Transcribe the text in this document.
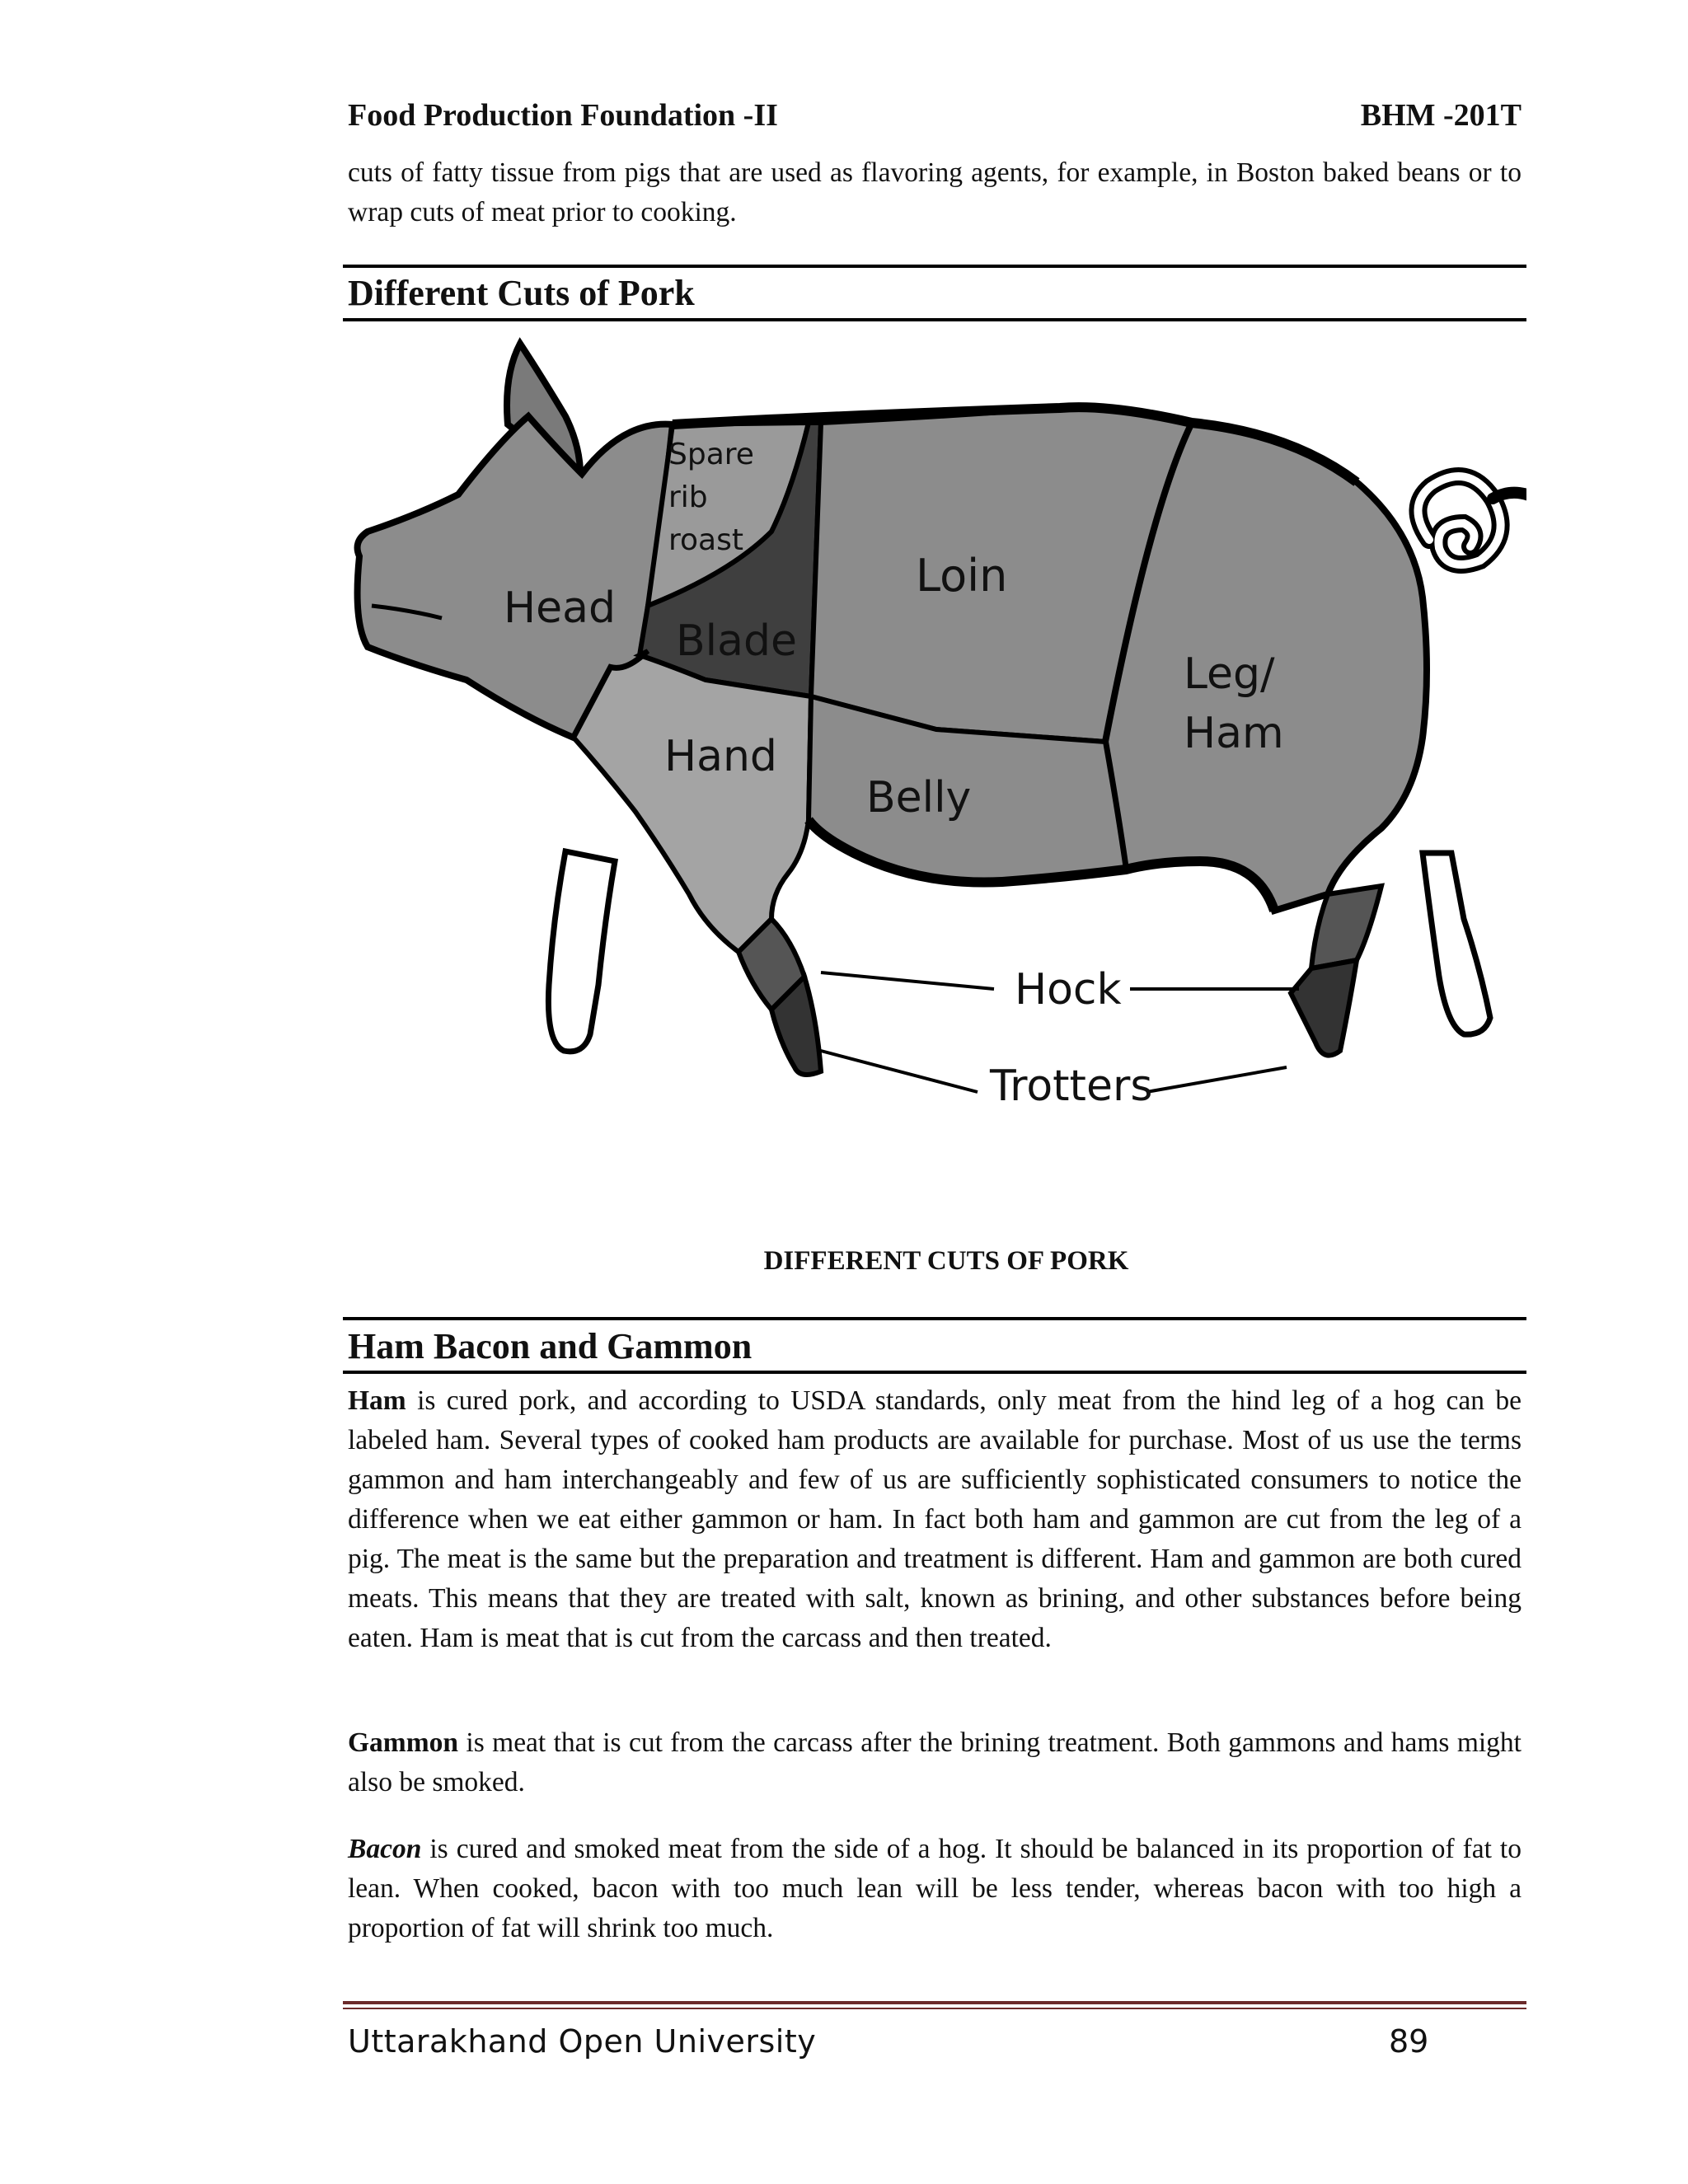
Food Production Foundation -II	BHM -201T

cuts of fatty tissue from pigs that are used as flavoring agents, for example, in Boston baked beans or to wrap cuts of meat prior to cooking.

Different Cuts of Pork
Head
Spare
rib
roast
Blade
Loin
Leg/
Ham
Hand
Belly
Hock
Trotters
DIFFERENT CUTS OF PORK
Ham Bacon and Gammon

Ham is cured pork, and according to USDA standards, only meat from the hind leg of a hog can be labeled ham. Several types of cooked ham products are available for purchase. Most of us use the terms gammon and ham interchangeably and few of us are sufficiently sophisticated consumers to notice the difference when we eat either gammon or ham. In fact both ham and gammon are cut from the leg of a pig. The meat is the same but the preparation and treatment is different. Ham and gammon are both cured meats. This means that they are treated with salt, known as brining, and other substances before being eaten. Ham is meat that is cut from the carcass and then treated.

Gammon is meat that is cut from the carcass after the brining treatment. Both gammons and hams might also be smoked.

Bacon is cured and smoked meat from the side of a hog. It should be balanced in its proportion of fat to lean. When cooked, bacon with too much lean will be less tender, whereas bacon with too high a proportion of fat will shrink too much.

Uttarakhand Open University	89
